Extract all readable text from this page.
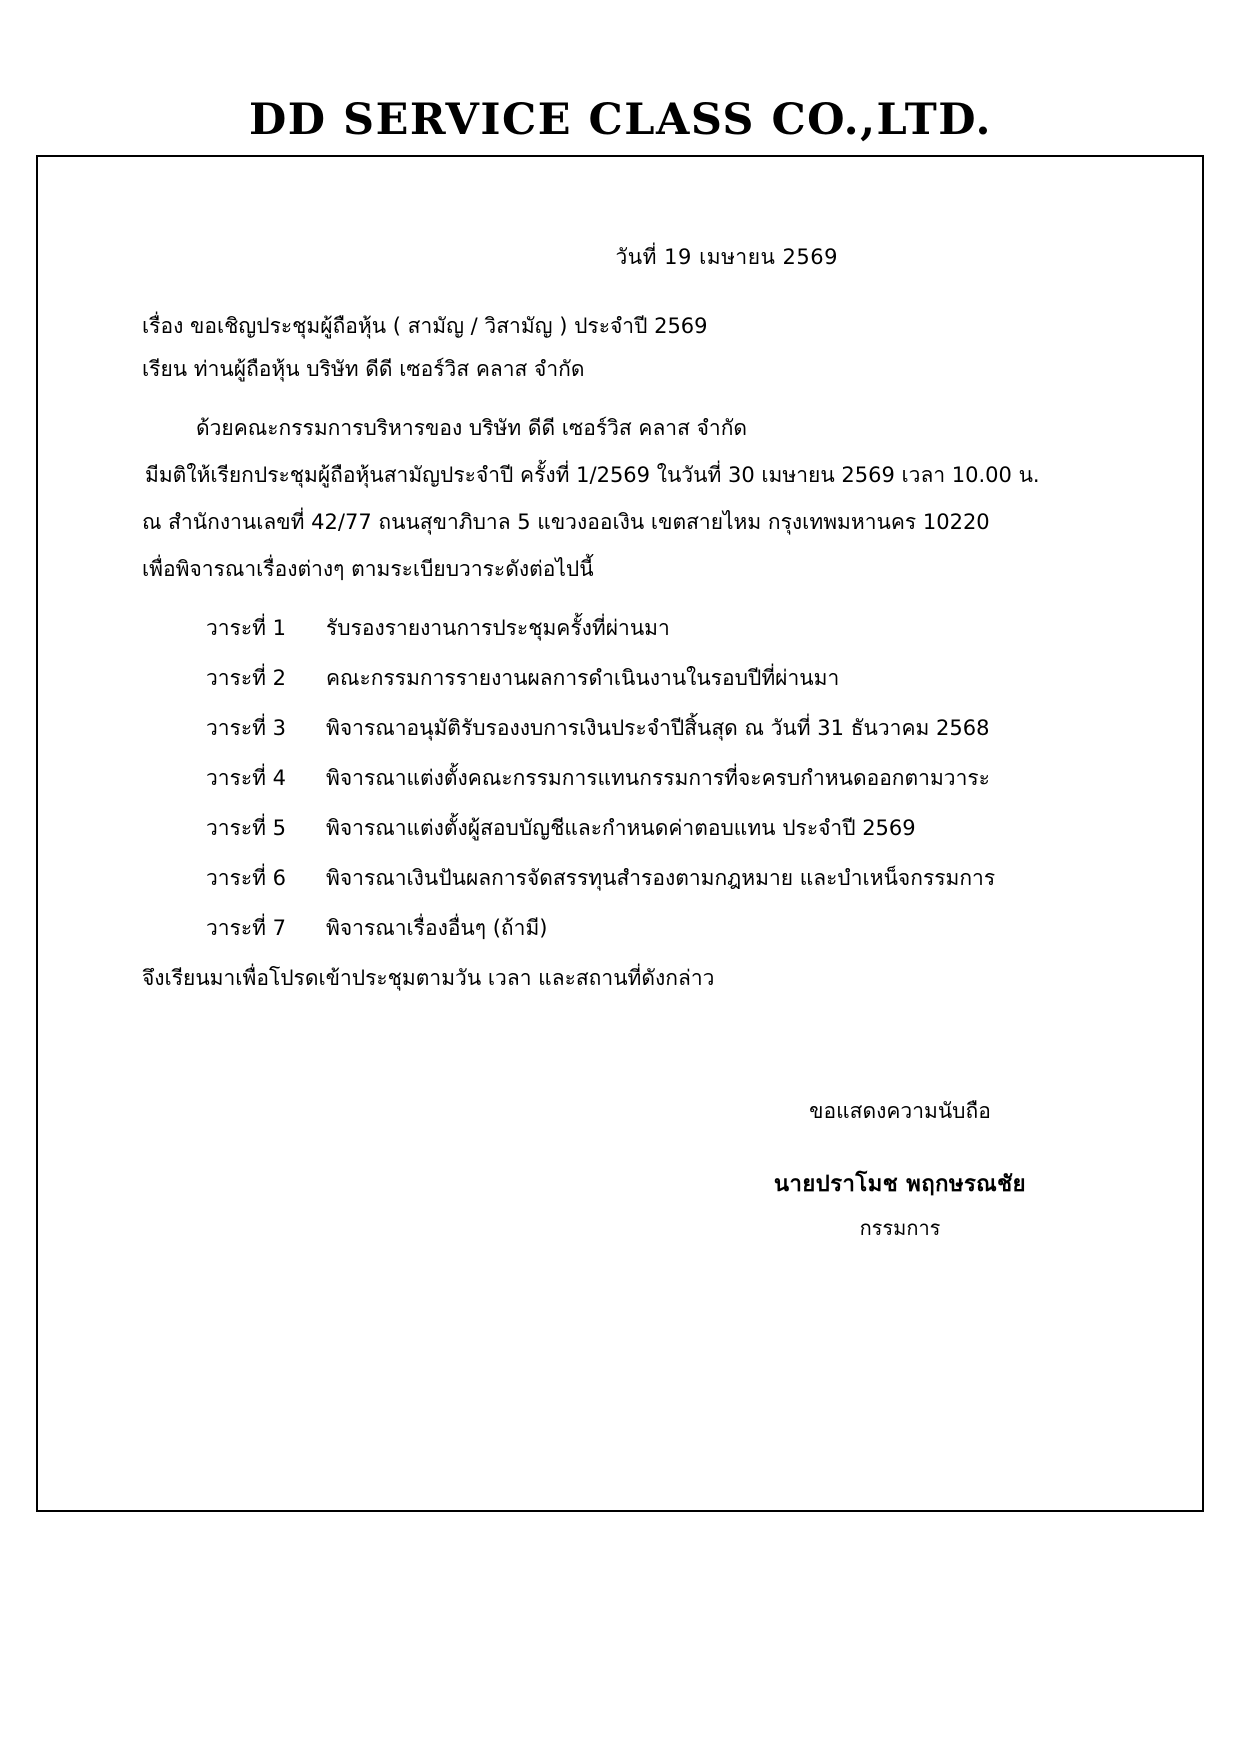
DD SERVICE CLASS CO.,LTD.
วันที่ 19 เมษายน 2569
เรื่อง ขอเชิญประชุมผู้ถือหุ้น ( สามัญ / วิสามัญ ) ประจำปี 2569
เรียน ท่านผู้ถือหุ้น บริษัท ดีดี เซอร์วิส คลาส จำกัด
ด้วยคณะกรรมการบริหารของ บริษัท ดีดี เซอร์วิส คลาส จำกัด
มีมติให้เรียกประชุมผู้ถือหุ้นสามัญประจำปี ครั้งที่ 1/2569 ในวันที่ 30 เมษายน 2569 เวลา 10.00 น.
ณ สำนักงานเลขที่ 42/77 ถนนสุขาภิบาล 5 แขวงออเงิน เขตสายไหม กรุงเทพมหานคร 10220
เพื่อพิจารณาเรื่องต่างๆ ตามระเบียบวาระดังต่อไปนี้
วาระที่ 1	รับรองรายงานการประชุมครั้งที่ผ่านมา
วาระที่ 2	คณะกรรมการรายงานผลการดำเนินงานในรอบปีที่ผ่านมา
วาระที่ 3	พิจารณาอนุมัติรับรองงบการเงินประจำปีสิ้นสุด ณ วันที่ 31 ธันวาคม 2568
วาระที่ 4	พิจารณาแต่งตั้งคณะกรรมการแทนกรรมการที่จะครบกำหนดออกตามวาระ
วาระที่ 5	พิจารณาแต่งตั้งผู้สอบบัญชีและกำหนดค่าตอบแทน ประจำปี 2569
วาระที่ 6	พิจารณาเงินปันผลการจัดสรรทุนสำรองตามกฎหมาย และบำเหน็จกรรมการ
วาระที่ 7	พิจารณาเรื่องอื่นๆ (ถ้ามี)
จึงเรียนมาเพื่อโปรดเข้าประชุมตามวัน เวลา และสถานที่ดังกล่าว
ขอแสดงความนับถือ
นายปราโมช พฤกษรณชัย
กรรมการ
